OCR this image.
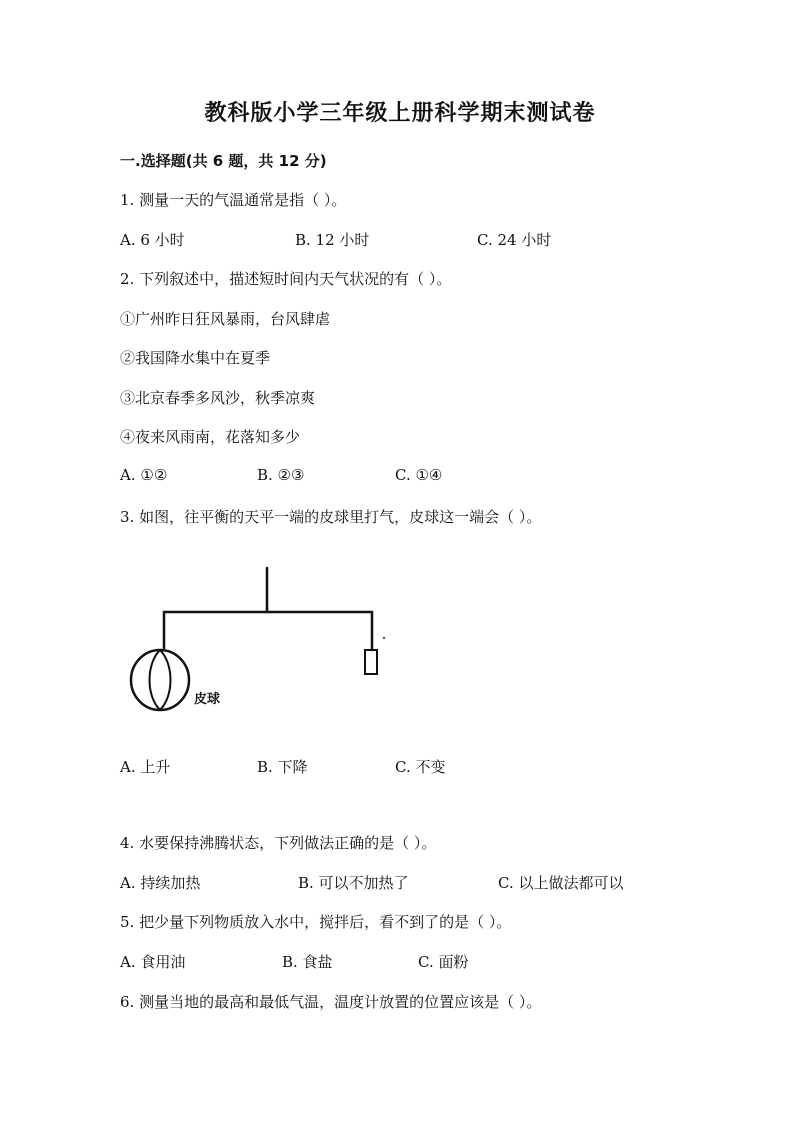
教科版小学三年级上册科学期末测试卷
一.选择题(共 6 题，共 12 分)
1. 测量一天的气温通常是指（ ）。
A. 6 小时	B. 12 小时	C. 24 小时
2. 下列叙述中，描述短时间内天气状况的有（ ）。
①广州昨日狂风暴雨，台风肆虐
②我国降水集中在夏季
③北京春季多风沙，秋季凉爽
④夜来风雨南，花落知多少
A. ①②	B. ②③	C. ①④
3. 如图，往平衡的天平一端的皮球里打气，皮球这一端会（ ）。
皮球
A. 上升	B. 下降	C. 不变
4. 水要保持沸腾状态，下列做法正确的是（ ）。
A. 持续加热	B. 可以不加热了	C. 以上做法都可以
5. 把少量下列物质放入水中，搅拌后，看不到了的是（ ）。
A. 食用油	B. 食盐	C. 面粉
6. 测量当地的最高和最低气温，温度计放置的位置应该是（ ）。
